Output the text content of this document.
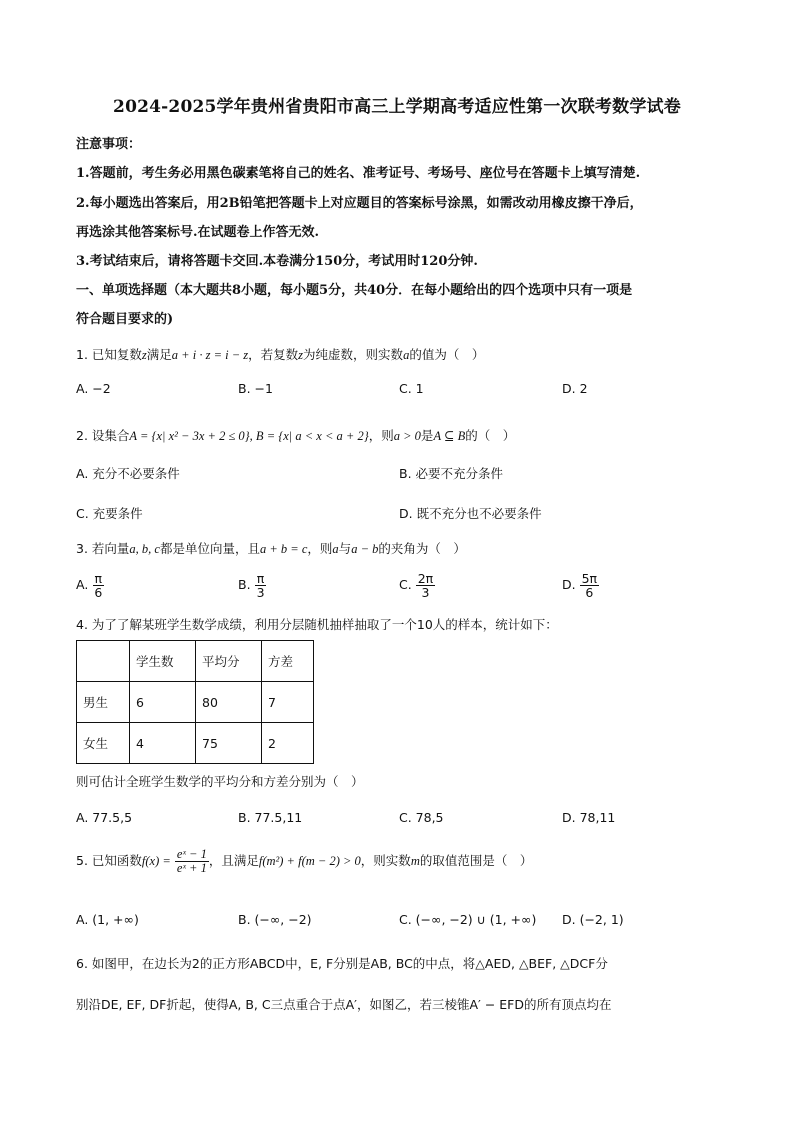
2024-2025学年贵州省贵阳市高三上学期高考适应性第一次联考数学试卷
注意事项：
1.答题前，考生务必用黑色碳素笔将自己的姓名、准考证号、考场号、座位号在答题卡上填写清楚.
2.每小题选出答案后，用2B铅笔把答题卡上对应题目的答案标号涂黑，如需改动用橡皮擦干净后，
再选涂其他答案标号.在试题卷上作答无效.
3.考试结束后，请将答题卡交回.本卷满分150分，考试用时120分钟.
一、单项选择题（本大题共8小题，每小题5分，共40分．在每小题给出的四个选项中只有一项是
符合题目要求的)
1. 已知复数z满足a + i · z = i − z，若复数z为纯虚数，则实数a的值为（　）
A. −2	B. −1	C. 1	D. 2
2. 设集合A = {x| x² − 3x + 2 ≤ 0}, B = {x| a < x < a + 2}，则a > 0是A ⊆ B的（　）
A. 充分不必要条件	B. 必要不充分条件
C. 充要条件	D. 既不充分也不必要条件
3. 若向量a, b, c都是单位向量，且a + b = c，则a与a − b的夹角为（　）
A. $\frac{\pi}{6}$	B. $\frac{\pi}{3}$	C. $\frac{2\pi}{3}$	D. $\frac{5\pi}{6}$
4. 为了了解某班学生数学成绩，利用分层随机抽样抽取了一个10人的样本，统计如下：
	学生数	平均分	方差
男生	6	80	7
女生	4	75	2
则可估计全班学生数学的平均分和方差分别为（　）
A. 77.5,5	B. 77.5,11	C. 78,5	D. 78,11
5. 已知函数$f(x) = \frac{\text{eˣ − 1}}{\text{eˣ + 1}}$ ，且满足f(m²) + f(m − 2) > 0，则实数m的取值范围是（　）
A. (1, +∞)	B. (−∞, −2)	C. (−∞, −2) ∪ (1, +∞) D. (−2, 1)
6. 如图甲，在边长为2的正方形ABCD中，E, F分别是AB, BC的中点，将△AED, △BEF, △DCF分
别沿DE, EF, DF折起，使得A, B, C三点重合于点A′，如图乙，若三棱锥A′ − EFD的所有顶点均在
